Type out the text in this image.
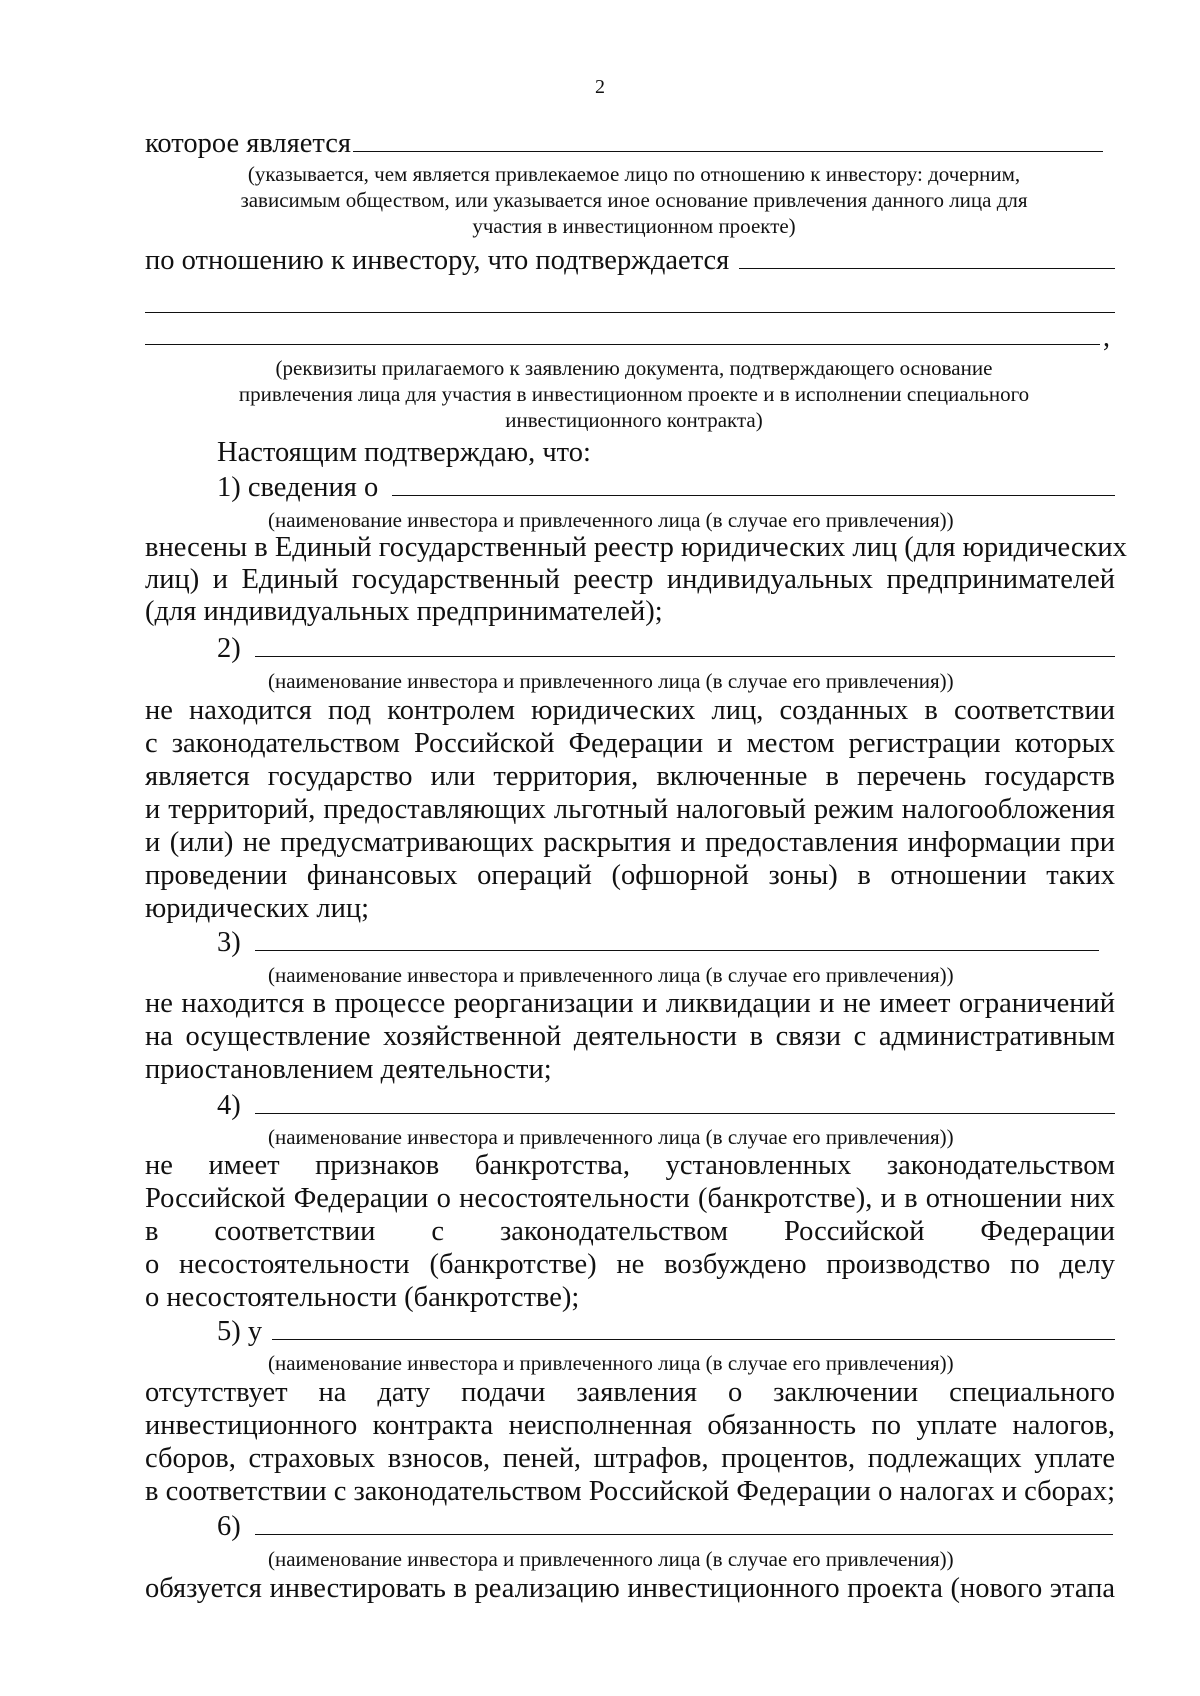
2
которое является
(указывается, чем является привлекаемое лицо по отношению к инвестору: дочерним,
зависимым обществом, или указывается иное основание привлечения данного лица для
участия в инвестиционном проекте)
по отношению к инвестору, что подтверждается
,
(реквизиты прилагаемого к заявлению документа, подтверждающего основание
привлечения лица для участия в инвестиционном проекте и в исполнении специального
инвестиционного контракта)
Настоящим подтверждаю, что:
1) сведения о
(наименование инвестора и привлеченного лица (в случае его привлечения))
внесены в Единый государственный реестр юридических лиц (для юридических
лиц) и Единый государственный реестр индивидуальных предпринимателей
(для индивидуальных предпринимателей);
2)
(наименование инвестора и привлеченного лица (в случае его привлечения))
не находится под контролем юридических лиц, созданных в соответствии
с законодательством Российской Федерации и местом регистрации которых
является государство или территория, включенные в перечень государств
и территорий, предоставляющих льготный налоговый режим налогообложения
и (или) не предусматривающих раскрытия и предоставления информации при
проведении финансовых операций (офшорной зоны) в отношении таких
юридических лиц;
3)
(наименование инвестора и привлеченного лица (в случае его привлечения))
не находится в процессе реорганизации и ликвидации и не имеет ограничений
на осуществление хозяйственной деятельности в связи с административным
приостановлением деятельности;
4)
(наименование инвестора и привлеченного лица (в случае его привлечения))
не имеет признаков банкротства, установленных законодательством
Российской Федерации о несостоятельности (банкротстве), и в отношении них
в соответствии с законодательством Российской Федерации
о несостоятельности (банкротстве) не возбуждено производство по делу
о несостоятельности (банкротстве);
5) у
(наименование инвестора и привлеченного лица (в случае его привлечения))
отсутствует на дату подачи заявления о заключении специального
инвестиционного контракта неисполненная обязанность по уплате налогов,
сборов, страховых взносов, пеней, штрафов, процентов, подлежащих уплате
в соответствии с законодательством Российской Федерации о налогах и сборах;
6)
(наименование инвестора и привлеченного лица (в случае его привлечения))
обязуется инвестировать в реализацию инвестиционного проекта (нового этапа
